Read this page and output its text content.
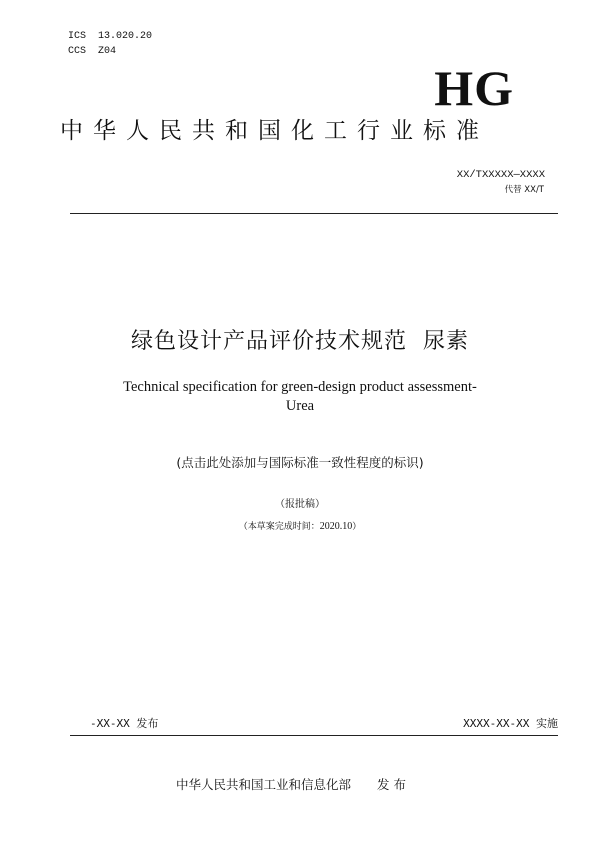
ICS  13.020.20
CCS  Z04
HG
中华人民共和国化工行业标准
XX/TXXXXX—XXXX
代替 XX/T
绿色设计产品评价技术规范  尿素
Technical specification for green-design product assessment-
Urea
(点击此处添加与国际标准一致性程度的标识)
（报批稿）
（本草案完成时间：2020.10）
-XX-XX 发布	XXXX-XX-XX 实施
中华人民共和国工业和信息化部 发 布
